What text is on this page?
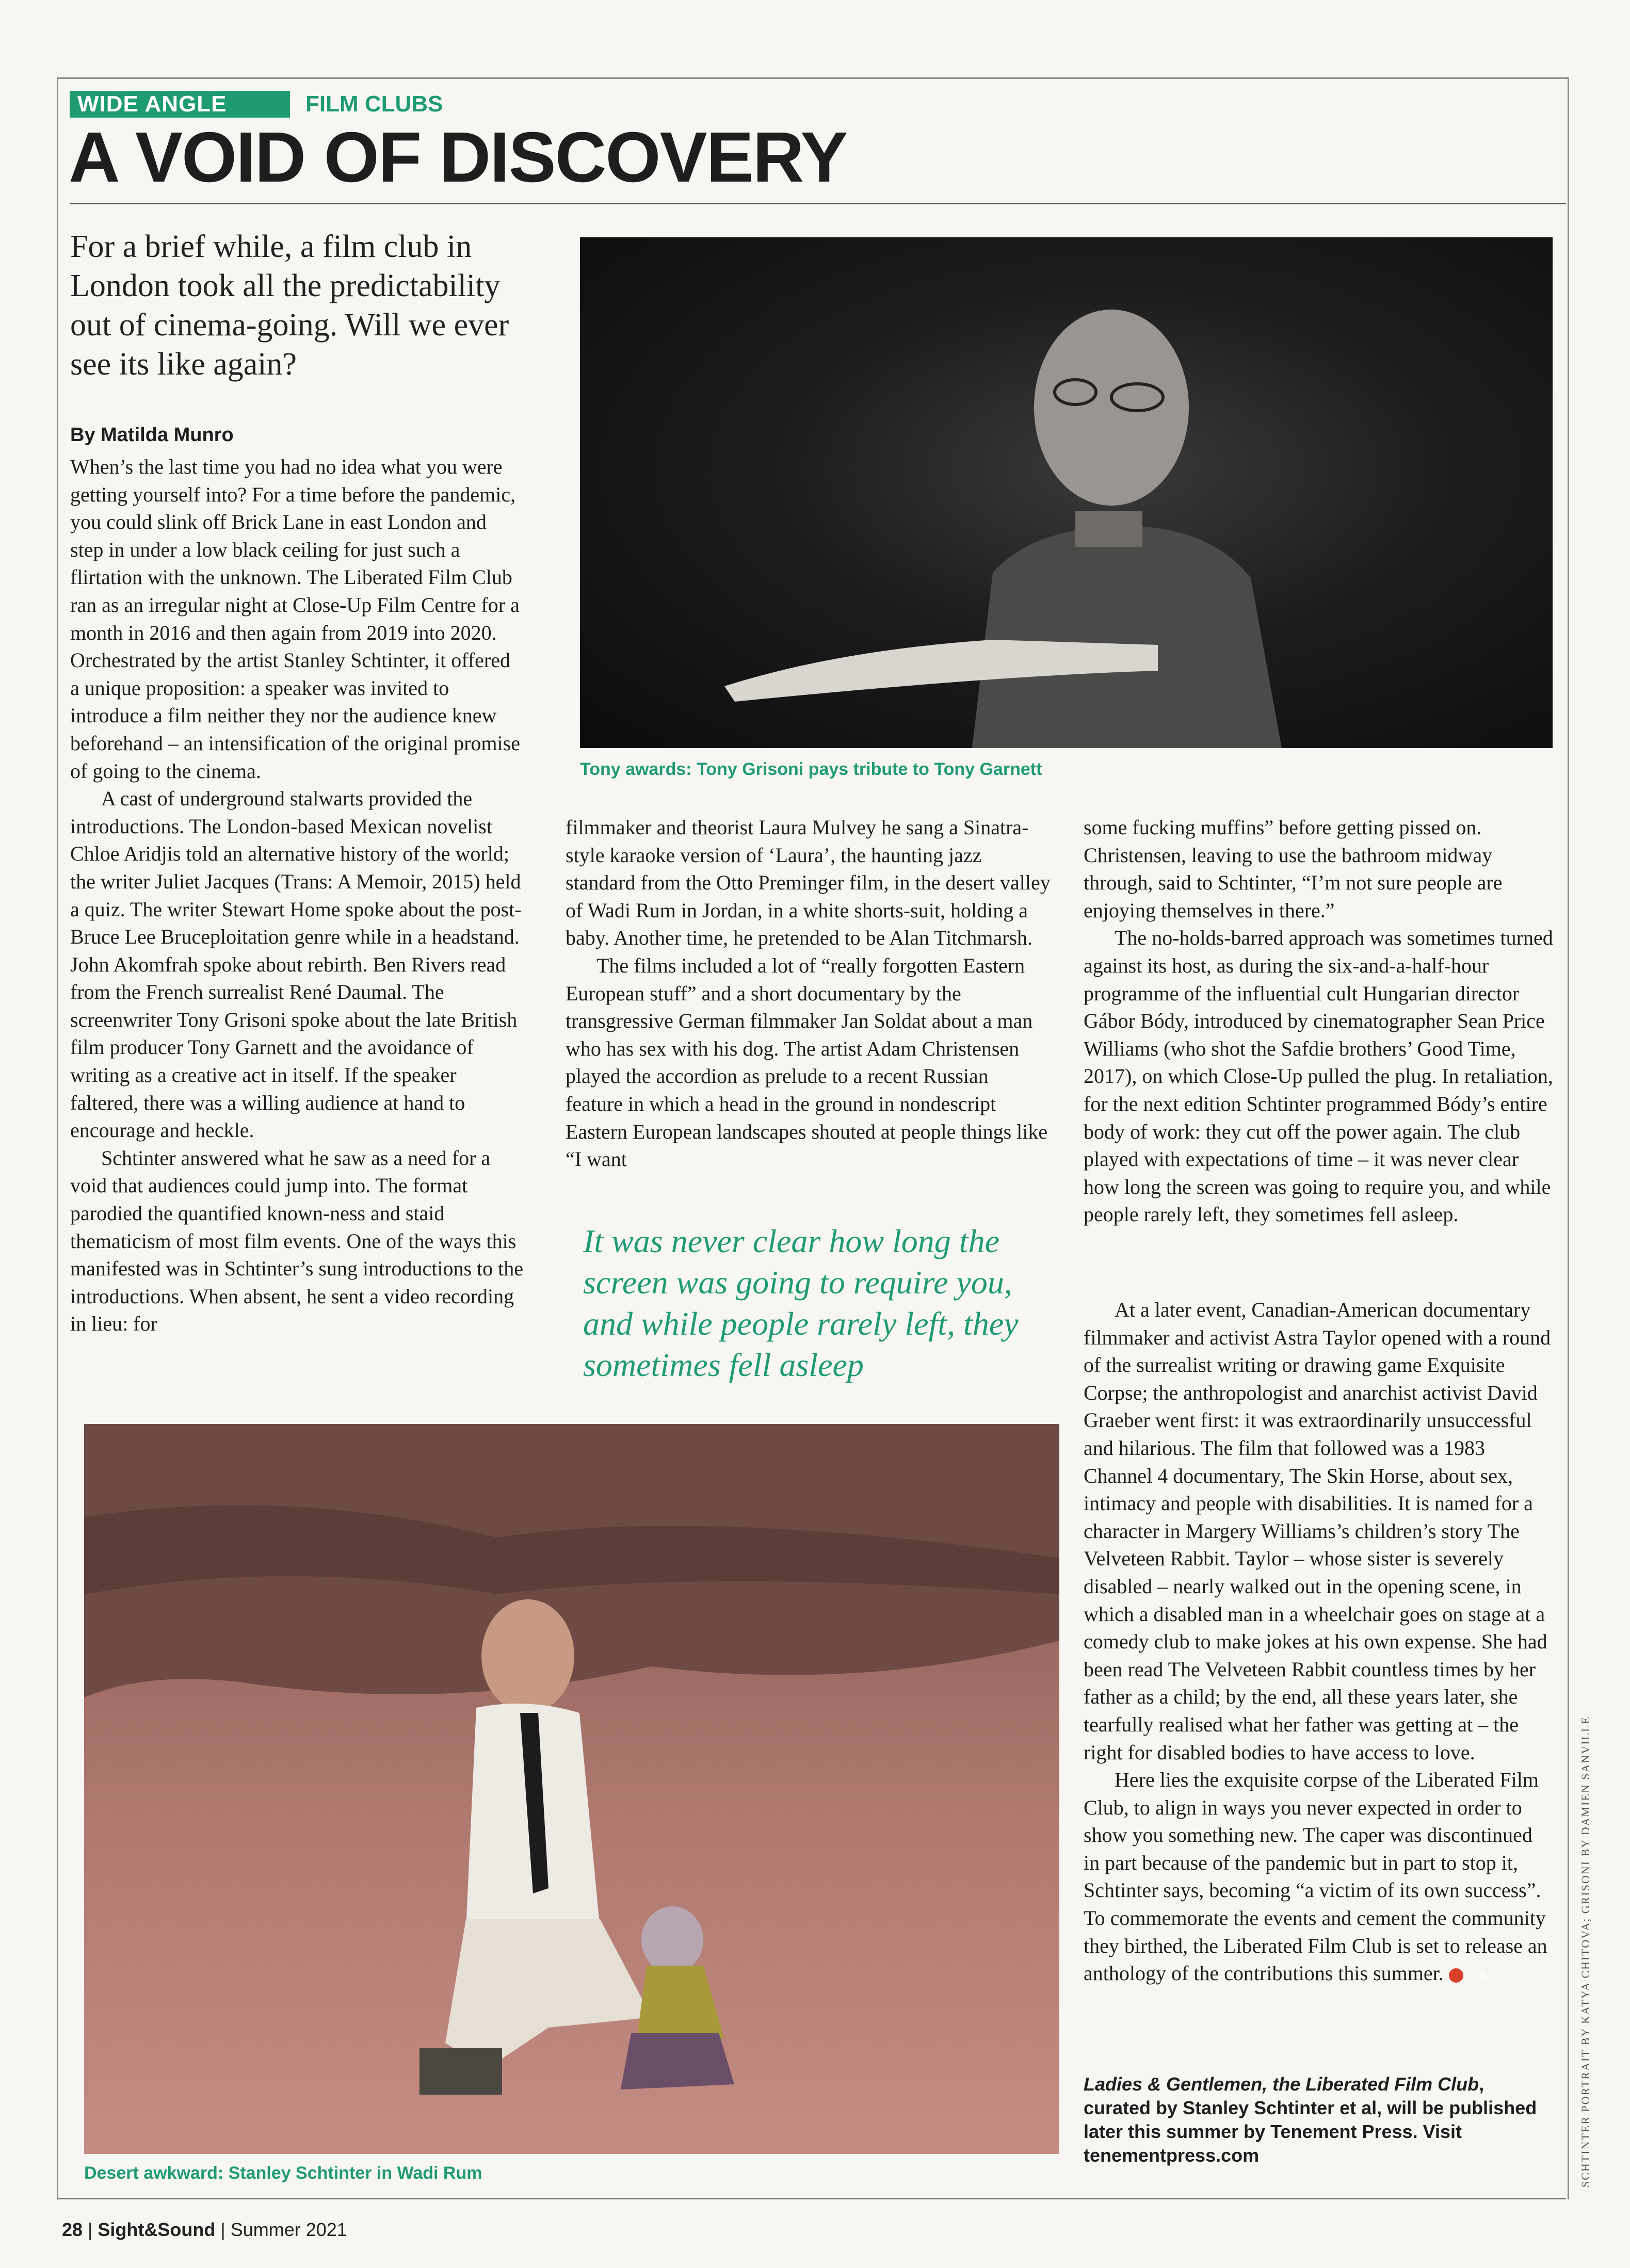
WIDE ANGLE	FILM CLUBS
A VOID OF DISCOVERY
For a brief while, a film club in London took all the predictability out of cinema-going. Will we ever see its like again?
By Matilda Munro

When’s the last time you had no idea what you were getting yourself into? For a time before the pandemic, you could slink off Brick Lane in east London and step in under a low black ceiling for just such a flirtation with the unknown. The Liberated Film Club ran as an irregular night at Close-Up Film Centre for a month in 2016 and then again from 2019 into 2020. Orchestrated by the artist Stanley Schtinter, it offered a unique proposition: a speaker was invited to introduce a film neither they nor the audience knew beforehand – an intensification of the original promise of going to the cinema.

A cast of underground stalwarts provided the introductions. The London-based Mexican novelist Chloe Aridjis told an alternative history of the world; the writer Juliet Jacques (Trans: A Memoir, 2015) held a quiz. The writer Stewart Home spoke about the post-Bruce Lee Bruceploitation genre while in a headstand. John Akomfrah spoke about rebirth. Ben Rivers read from the French surrealist René Daumal. The screenwriter Tony Grisoni spoke about the late British film producer Tony Garnett and the avoidance of writing as a creative act in itself. If the speaker faltered, there was a willing audience at hand to encourage and heckle.

Schtinter answered what he saw as a need for a void that audiences could jump into. The format parodied the quantified known-ness and staid thematicism of most film events. One of the ways this manifested was in Schtinter’s sung introductions to the introductions. When absent, he sent a video recording in lieu: for

Tony awards: Tony Grisoni pays tribute to Tony Garnett

filmmaker and theorist Laura Mulvey he sang a Sinatra-style karaoke version of ‘Laura’, the haunting jazz standard from the Otto Preminger film, in the desert valley of Wadi Rum in Jordan, in a white shorts-suit, holding a baby. Another time, he pretended to be Alan Titchmarsh.

The films included a lot of “really forgotten Eastern European stuff” and a short documentary by the transgressive German filmmaker Jan Soldat about a man who has sex with his dog. The artist Adam Christensen played the accordion as prelude to a recent Russian feature in which a head in the ground in nondescript Eastern European landscapes shouted at people things like “I want

It was never clear how long the screen was going to require you, and while people rarely left, they sometimes fell asleep

some fucking muffins” before getting pissed on. Christensen, leaving to use the bathroom midway through, said to Schtinter, “I’m not sure people are enjoying themselves in there.”

The no-holds-barred approach was sometimes turned against its host, as during the six-and-a-half-hour programme of the influential cult Hungarian director Gábor Bódy, introduced by cinematographer Sean Price Williams (who shot the Safdie brothers’ Good Time, 2017), on which Close-Up pulled the plug. In retaliation, for the next edition Schtinter programmed Bódy’s entire body of work: they cut off the power again. The club played with expectations of time – it was never clear how long the screen was going to require you, and while people rarely left, they sometimes fell asleep.

At a later event, Canadian-American documentary filmmaker and activist Astra Taylor opened with a round of the surrealist writing or drawing game Exquisite Corpse; the anthropologist and anarchist activist David Graeber went first: it was extraordinarily unsuccessful and hilarious. The film that followed was a 1983 Channel 4 documentary, The Skin Horse, about sex, intimacy and people with disabilities. It is named for a character in Margery Williams’s children’s story The Velveteen Rabbit. Taylor – whose sister is severely disabled – nearly walked out in the opening scene, in which a disabled man in a wheelchair goes on stage at a comedy club to make jokes at his own expense. She had been read The Velveteen Rabbit countless times by her father as a child; by the end, all these years later, she tearfully realised what her father was getting at – the right for disabled bodies to have access to love.

Here lies the exquisite corpse of the Liberated Film Club, to align in ways you never expected in order to show you something new. The caper was discontinued in part because of the pandemic but in part to stop it, Schtinter says, becoming “a victim of its own success”. To commemorate the events and cement the community they birthed, the Liberated Film Club is set to release an anthology of the contributions this summer.	S

Ladies & Gentlemen, the Liberated Film Club, curated by Stanley Schtinter et al, will be published later this summer by Tenement Press. Visit tenementpress.com
Desert awkward: Stanley Schtinter in Wadi Rum	SCHTINTER PORTRAIT BY KATYA CHITOVA; GRISONI BY DAMIEN SANVILLE
28 | Sight&Sound | Summer 2021
